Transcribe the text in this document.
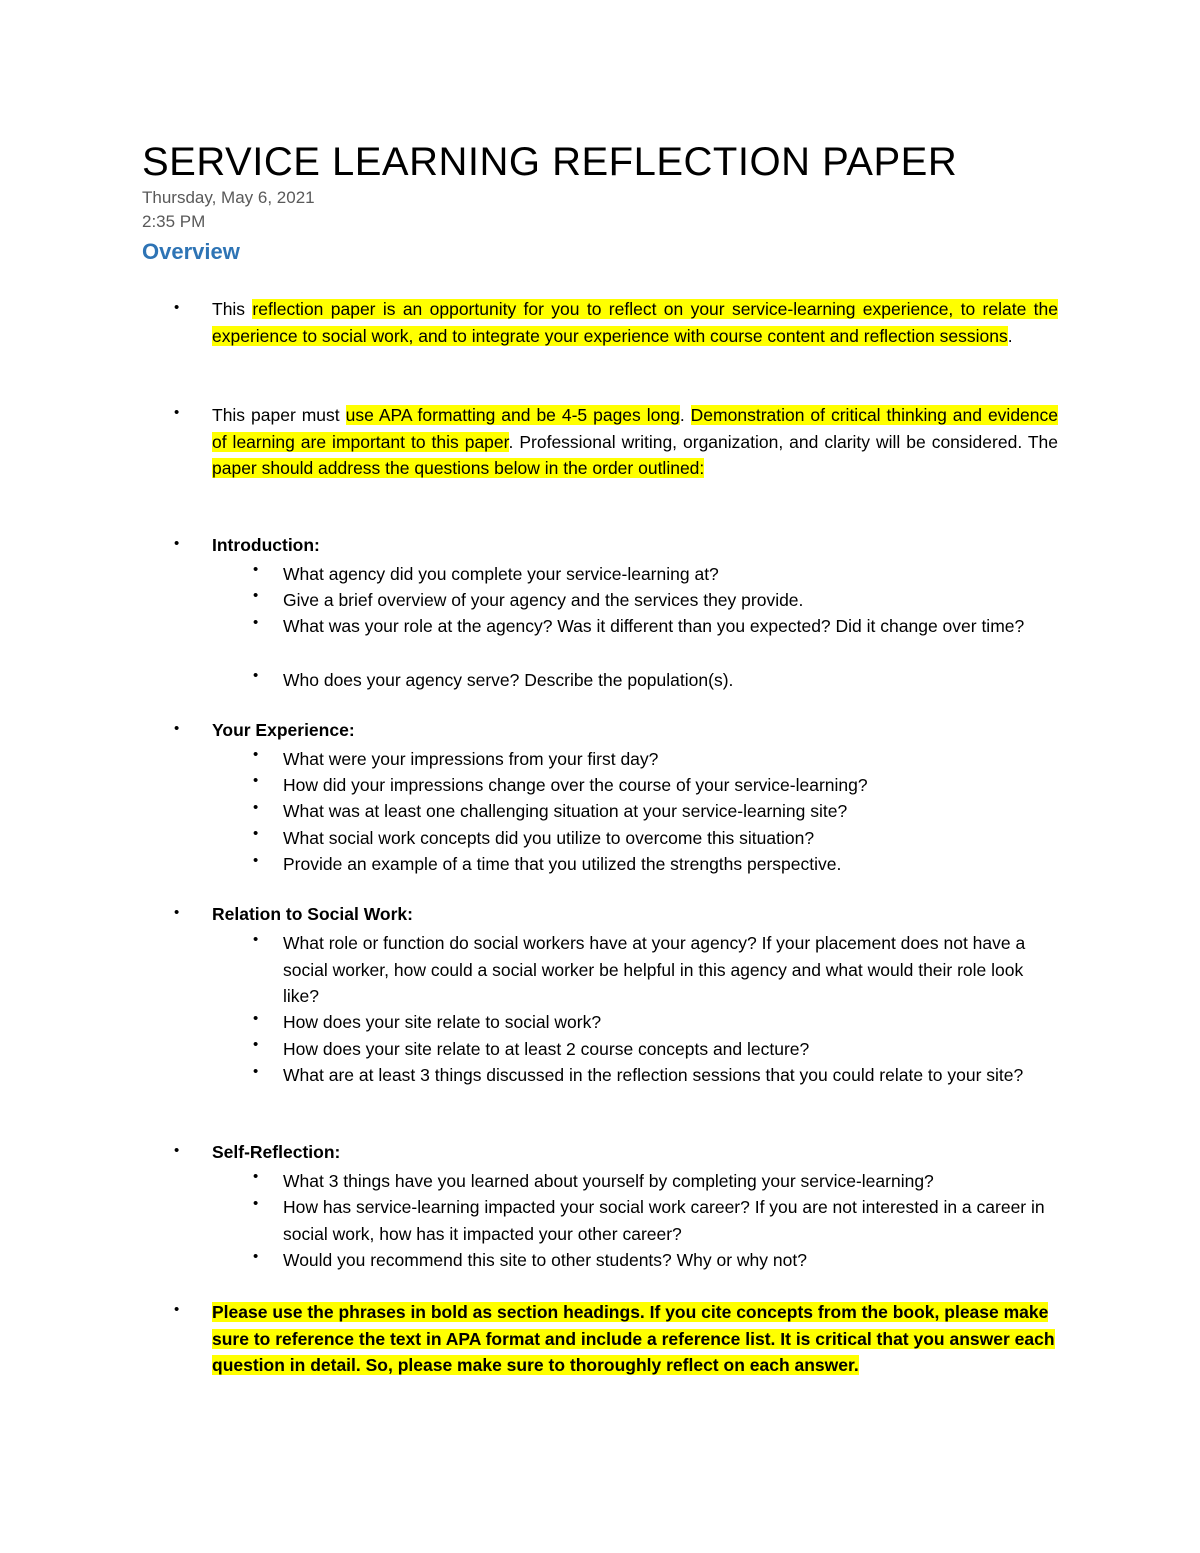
SERVICE LEARNING REFLECTION PAPER
Thursday, May 6, 2021
2:35 PM
Overview
• This reflection paper is an opportunity for you to reflect on your service-learning experience, to relate the experience to social work, and to integrate your experience with course content and reflection sessions.
• This paper must use APA formatting and be 4-5 pages long. Demonstration of critical thinking and evidence of learning are important to this paper. Professional writing, organization, and clarity will be considered. The paper should address the questions below in the order outlined:
• Introduction:
• What agency did you complete your service-learning at?
• Give a brief overview of your agency and the services they provide.
• What was your role at the agency? Was it different than you expected? Did it change over time?
• Who does your agency serve? Describe the population(s).
• Your Experience:
• What were your impressions from your first day?
• How did your impressions change over the course of your service-learning?
• What was at least one challenging situation at your service-learning site?
• What social work concepts did you utilize to overcome this situation?
• Provide an example of a time that you utilized the strengths perspective.
• Relation to Social Work:
• What role or function do social workers have at your agency? If your placement does not have a social worker, how could a social worker be helpful in this agency and what would their role look like?
• How does your site relate to social work?
• How does your site relate to at least 2 course concepts and lecture?
• What are at least 3 things discussed in the reflection sessions that you could relate to your site?
• Self-Reflection:
• What 3 things have you learned about yourself by completing your service-learning?
• How has service-learning impacted your social work career? If you are not interested in a career in social work, how has it impacted your other career?
• Would you recommend this site to other students? Why or why not?
• Please use the phrases in bold as section headings. If you cite concepts from the book, please make sure to reference the text in APA format and include a reference list. It is critical that you answer each question in detail. So, please make sure to thoroughly reflect on each answer.
